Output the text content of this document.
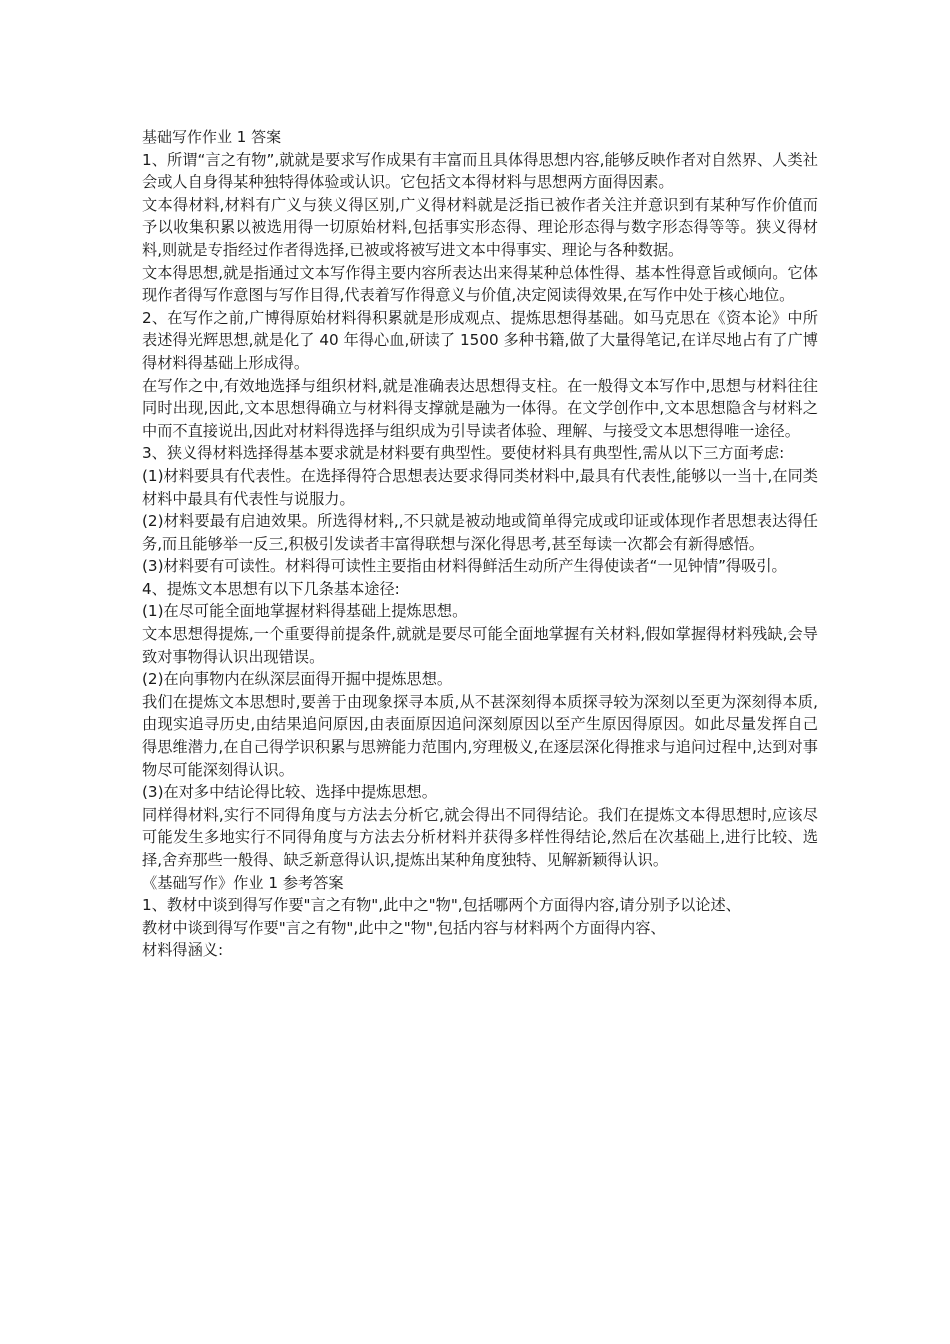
基础写作作业 1 答案

1、所谓“言之有物”,就就是要求写作成果有丰富而且具体得思想内容,能够反映作者对自然界、人类社会或人自身得某种独特得体验或认识。它包括文本得材料与思想两方面得因素。

文本得材料,材料有广义与狭义得区别,广义得材料就是泛指已被作者关注并意识到有某种写作价值而予以收集积累以被选用得一切原始材料,包括事实形态得、理论形态得与数字形态得等等。狭义得材料,则就是专指经过作者得选择,已被或将被写进文本中得事实、理论与各种数据。

文本得思想,就是指通过文本写作得主要内容所表达出来得某种总体性得、基本性得意旨或倾向。它体现作者得写作意图与写作目得,代表着写作得意义与价值,决定阅读得效果,在写作中处于核心地位。

2、在写作之前,广博得原始材料得积累就是形成观点、提炼思想得基础。如马克思在《资本论》中所表述得光辉思想,就是化了 40 年得心血,研读了 1500 多种书籍,做了大量得笔记,在详尽地占有了广博得材料得基础上形成得。

在写作之中,有效地选择与组织材料,就是准确表达思想得支柱。在一般得文本写作中,思想与材料往往同时出现,因此,文本思想得确立与材料得支撑就是融为一体得。在文学创作中,文本思想隐含与材料之中而不直接说出,因此对材料得选择与组织成为引导读者体验、理解、与接受文本思想得唯一途径。

3、狭义得材料选择得基本要求就是材料要有典型性。要使材料具有典型性,需从以下三方面考虑:

(1)材料要具有代表性。在选择得符合思想表达要求得同类材料中,最具有代表性,能够以一当十,在同类材料中最具有代表性与说服力。

(2)材料要最有启迪效果。所选得材料,,不只就是被动地或简单得完成或印证或体现作者思想表达得任务,而且能够举一反三,积极引发读者丰富得联想与深化得思考,甚至每读一次都会有新得感悟。

(3)材料要有可读性。材料得可读性主要指由材料得鲜活生动所产生得使读者“一见钟情”得吸引。

4、提炼文本思想有以下几条基本途径:

(1)在尽可能全面地掌握材料得基础上提炼思想。

文本思想得提炼,一个重要得前提条件,就就是要尽可能全面地掌握有关材料,假如掌握得材料残缺,会导致对事物得认识出现错误。

(2)在向事物内在纵深层面得开掘中提炼思想。

我们在提炼文本思想时,要善于由现象探寻本质,从不甚深刻得本质探寻较为深刻以至更为深刻得本质,由现实追寻历史,由结果追问原因,由表面原因追问深刻原因以至产生原因得原因。如此尽量发挥自己得思维潜力,在自己得学识积累与思辨能力范围内,穷理极义,在逐层深化得推求与追问过程中,达到对事物尽可能深刻得认识。

(3)在对多中结论得比较、选择中提炼思想。

同样得材料,实行不同得角度与方法去分析它,就会得出不同得结论。我们在提炼文本得思想时,应该尽可能发生多地实行不同得角度与方法去分析材料并获得多样性得结论,然后在次基础上,进行比较、选择,舍弃那些一般得、缺乏新意得认识,提炼出某种角度独特、见解新颖得认识。

《基础写作》作业 1 参考答案

1、教材中谈到得写作要"言之有物",此中之"物",包括哪两个方面得内容,请分别予以论述、

教材中谈到得写作要"言之有物",此中之"物",包括内容与材料两个方面得内容、

材料得涵义:
